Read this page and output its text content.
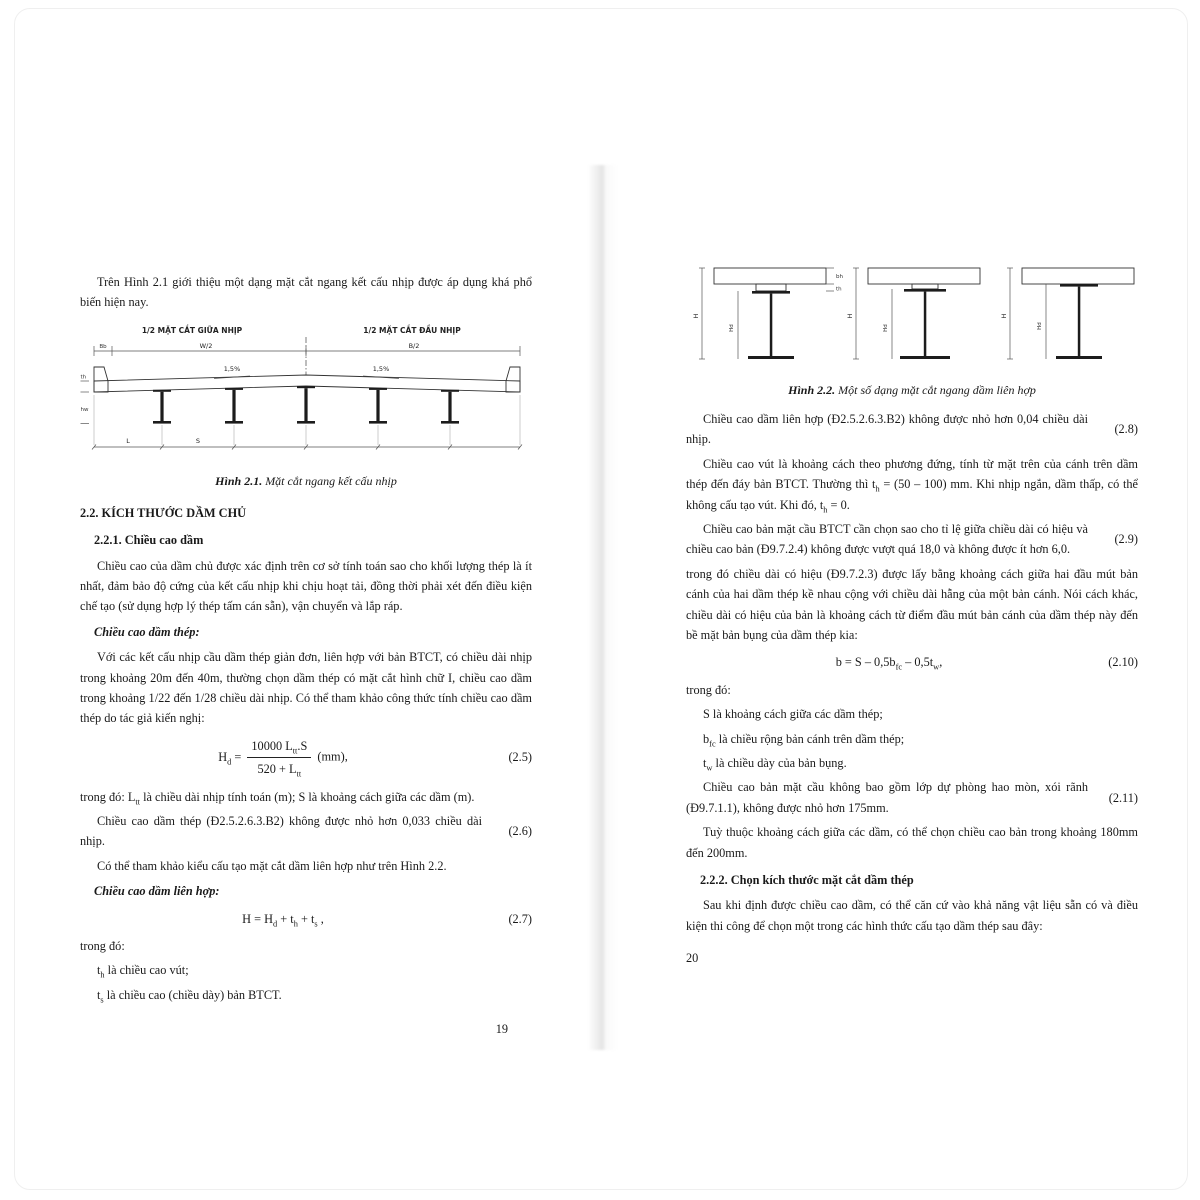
Trên Hình 2.1 giới thiệu một dạng mặt cắt ngang kết cấu nhịp được áp dụng khá phổ biến hiện nay.

1/2 MẶT CẮT GIỮA NHỊP	1/2 MẶT CẮT ĐẦU NHỊP
Bb	W/2	B/2
1,5%	1,5%
th
hw
L	S

Hình 2.1. Mặt cắt ngang kết cấu nhịp

2.2. KÍCH THƯỚC DẦM CHỦ

2.2.1. Chiều cao dầm

Chiều cao của dầm chủ được xác định trên cơ sở tính toán sao cho khối lượng thép là ít nhất, đảm bảo độ cứng của kết cấu nhịp khi chịu hoạt tải, đồng thời phải xét đến điều kiện chế tạo (sử dụng hợp lý thép tấm cán sẵn), vận chuyển và lắp ráp.

Chiều cao dầm thép:

Với các kết cấu nhịp cầu dầm thép giản đơn, liên hợp với bản BTCT, có chiều dài nhịp trong khoảng 20m đến 40m, thường chọn dầm thép có mặt cắt hình chữ I, chiều cao dầm trong khoảng 1/22 đến 1/28 chiều dài nhịp. Có thể tham khảo công thức tính chiều cao dầm thép do tác giả kiến nghị:

$H_d = \frac{10000 L_{tt}.S}{520 + L_{tt}} (mm)$,	(2.5)

trong đó: $L_{tt}$ là chiều dài nhịp tính toán (m); S là khoảng cách giữa các dầm (m).

Chiều cao dầm thép (Đ2.5.2.6.3.B2) không được nhỏ hơn 0,033 chiều dài nhịp.

(2.6)

Có thể tham khảo kiểu cấu tạo mặt cắt dầm liên hợp như trên Hình 2.2.

Chiều cao dầm liên hợp:

$H = H_d + t_h + t_s$ ,	(2.7)

trong đó:

$t_h$ là chiều cao vút;

$t_s$ là chiều cao (chiều dày) bản BTCT.

19

H
Hd
bh
th
H
Hd
H
Hd

Hình 2.2. Một số dạng mặt cắt ngang dầm liên hợp

Chiều cao dầm liên hợp (Đ2.5.2.6.3.B2) không được nhỏ hơn 0,04 chiều dài nhịp.

(2.8)

Chiều cao vút là khoảng cách theo phương đứng, tính từ mặt trên của cánh trên dầm thép đến đáy bản BTCT. Thường thì $t_h = (50 - 100)$ mm. Khi nhịp ngắn, dầm thấp, có thể không cấu tạo vút. Khi đó, $t_h = 0$.

Chiều cao bản mặt cầu BTCT cần chọn sao cho tỉ lệ giữa chiều dài có hiệu và chiều cao bản (Đ9.7.2.4) không được vượt quá 18,0 và không được ít hơn 6,0.

(2.9)

trong đó chiều dài có hiệu (Đ9.7.2.3) được lấy bằng khoảng cách giữa hai đầu mút bản cánh của hai dầm thép kề nhau cộng với chiều dài hẫng của một bản cánh. Nói cách khác, chiều dài có hiệu của bản là khoảng cách từ điểm đầu mút bản cánh của dầm thép này đến bề mặt bản bụng của dầm thép kia:

$b = S - 0,5b_{fc} - 0,5t_w$,	(2.10)

trong đó:

S là khoảng cách giữa các dầm thép;

$b_{fc}$ là chiều rộng bản cánh trên dầm thép;

$t_w$ là chiều dày của bản bụng.

Chiều cao bản mặt cầu không bao gồm lớp dự phòng hao mòn, xói rãnh (Đ9.7.1.1), không được nhỏ hơn 175mm.

(2.11)

Tuỳ thuộc khoảng cách giữa các dầm, có thể chọn chiều cao bản trong khoảng 180mm đến 200mm.

2.2.2. Chọn kích thước mặt cắt dầm thép

Sau khi định được chiều cao dầm, có thể căn cứ vào khả năng vật liệu sẵn có và điều kiện thi công để chọn một trong các hình thức cấu tạo dầm thép sau đây:

20
